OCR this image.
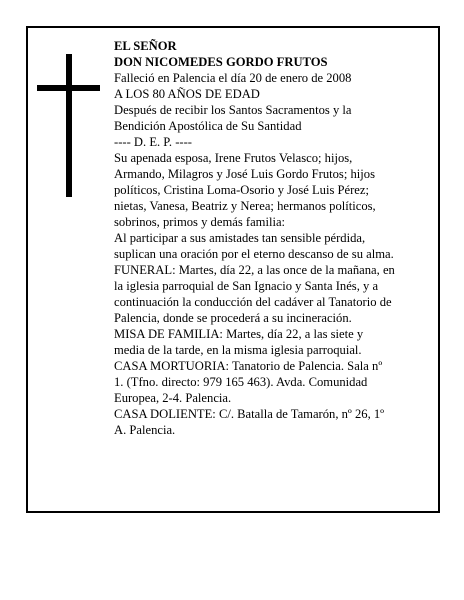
EL SEÑOR

DON NICOMEDES GORDO FRUTOS

Falleció en Palencia el día 20 de enero de 2008

A LOS 80 AÑOS DE EDAD

Después de recibir los Santos Sacramentos y la

Bendición Apostólica de Su Santidad

---- D. E. P. ----

Su apenada esposa, Irene Frutos Velasco; hijos,

Armando, Milagros y José Luis Gordo Frutos; hijos

políticos, Cristina Loma-Osorio y José Luis Pérez;

nietas, Vanesa, Beatriz y Nerea; hermanos políticos,

sobrinos, primos y demás familia:

Al participar a sus amistades tan sensible pérdida,

suplican una oración por el eterno descanso de su alma.

FUNERAL: Martes, día 22, a las once de la mañana, en

la iglesia parroquial de San Ignacio y Santa Inés, y a

continuación la conducción del cadáver al Tanatorio de

Palencia, donde se procederá a su incineración.

MISA DE FAMILIA: Martes, día 22, a las siete y

media de la tarde, en la misma iglesia parroquial.

CASA MORTUORIA: Tanatorio de Palencia. Sala nº

1. (Tfno. directo: 979 165 463). Avda. Comunidad

Europea, 2-4. Palencia.

CASA DOLIENTE: C/. Batalla de Tamarón, nº 26, 1º

A. Palencia.
